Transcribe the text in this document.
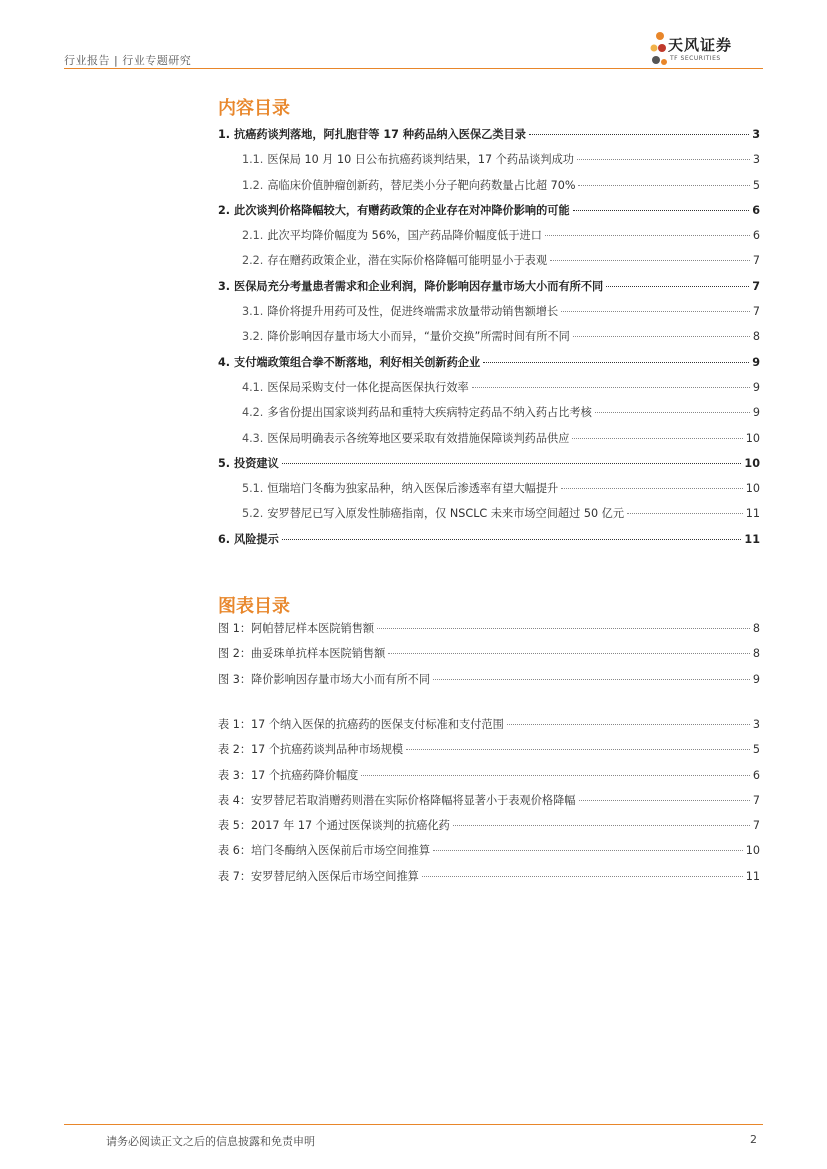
行业报告 | 行业专题研究
天风证券
TF SECURITIES
内容目录
1. 抗癌药谈判落地，阿扎胞苷等 17 种药品纳入医保乙类目录	3
1.1. 医保局 10 月 10 日公布抗癌药谈判结果，17 个药品谈判成功	3
1.2. 高临床价值肿瘤创新药，替尼类小分子靶向药数量占比超 70%	5
2. 此次谈判价格降幅较大，有赠药政策的企业存在对冲降价影响的可能	6
2.1. 此次平均降价幅度为 56%，国产药品降价幅度低于进口	6
2.2. 存在赠药政策企业，潜在实际价格降幅可能明显小于表观	7
3. 医保局充分考量患者需求和企业利润，降价影响因存量市场大小而有所不同	7
3.1. 降价将提升用药可及性，促进终端需求放量带动销售额增长	7
3.2. 降价影响因存量市场大小而异，“量价交换”所需时间有所不同	8
4. 支付端政策组合拳不断落地，利好相关创新药企业	9
4.1. 医保局采购支付一体化提高医保执行效率	9
4.2. 多省份提出国家谈判药品和重特大疾病特定药品不纳入药占比考核	9
4.3. 医保局明确表示各统筹地区要采取有效措施保障谈判药品供应	10
5. 投资建议	10
5.1. 恒瑞培门冬酶为独家品种，纳入医保后渗透率有望大幅提升	10
5.2. 安罗替尼已写入原发性肺癌指南，仅 NSCLC 未来市场空间超过 50 亿元	11
6. 风险提示	11
图表目录
图 1：阿帕替尼样本医院销售额	8
图 2：曲妥珠单抗样本医院销售额	8
图 3：降价影响因存量市场大小而有所不同	9
表 1：17 个纳入医保的抗癌药的医保支付标准和支付范围	3
表 2：17 个抗癌药谈判品种市场规模	5
表 3：17 个抗癌药降价幅度	6
表 4：安罗替尼若取消赠药则潜在实际价格降幅将显著小于表观价格降幅	7
表 5：2017 年 17 个通过医保谈判的抗癌化药	7
表 6：培门冬酶纳入医保前后市场空间推算	10
表 7：安罗替尼纳入医保后市场空间推算	11
请务必阅读正文之后的信息披露和免责申明	2
